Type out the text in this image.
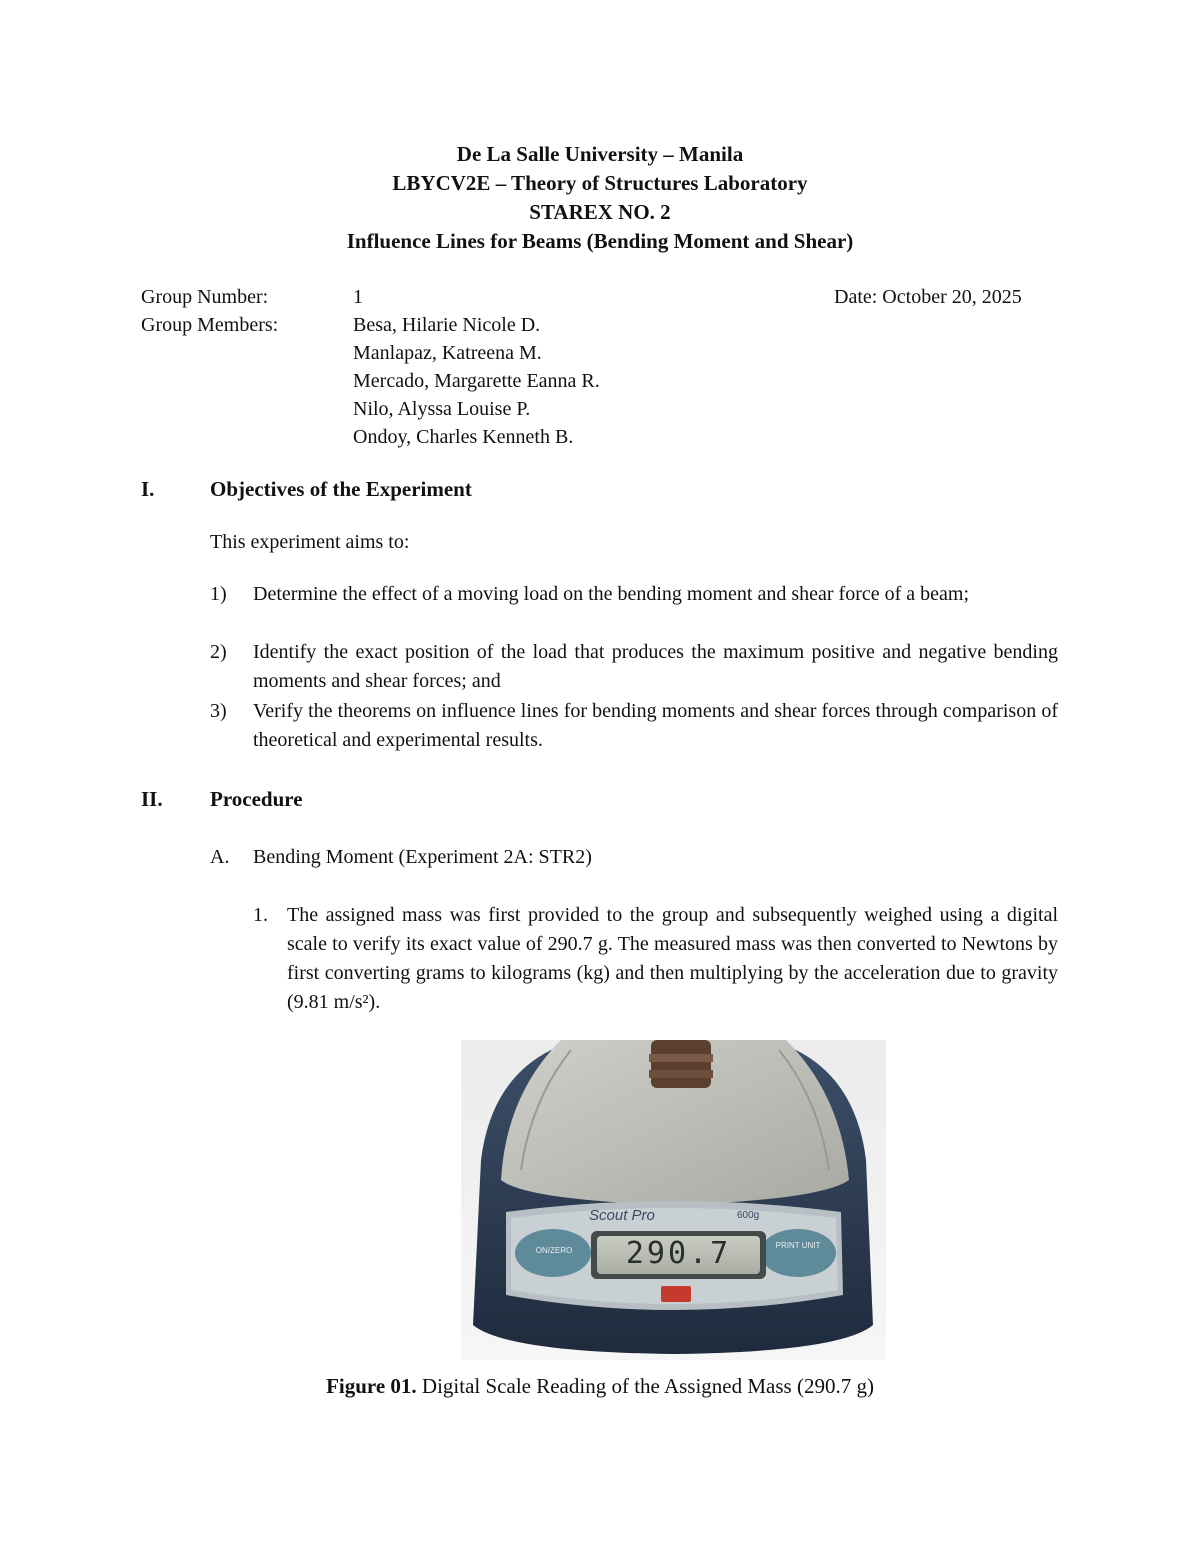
De La Salle University – Manila
LBYCV2E – Theory of Structures Laboratory
STAREX NO. 2
Influence Lines for Beams (Bending Moment and Shear)
Group Number:	1	Date: October 20, 2025
Group Members:	Besa, Hilarie Nicole D.
Manlapaz, Katreena M.
Mercado, Margarette Eanna R.
Nilo, Alyssa Louise P.
Ondoy, Charles Kenneth B.
I.	Objectives of the Experiment
This experiment aims to:
1) Determine the effect of a moving load on the bending moment and shear force of a beam;
2) Identify the exact position of the load that produces the maximum positive and negative bending moments and shear forces; and
3) Verify the theorems on influence lines for bending moments and shear forces through comparison of theoretical and experimental results.
II. Procedure
A. Bending Moment (Experiment 2A: STR2)
1. The assigned mass was first provided to the group and subsequently weighed using a digital scale to verify its exact value of 290.7 g. The measured mass was then converted to Newtons by first converting grams to kilograms (kg) and then multiplying by the acceleration due to gravity (9.81 m/s²).
Scout Pro	600g
ON/ZERO
PRINT UNIT
290.7
Figure 01. Digital Scale Reading of the Assigned Mass (290.7 g)
